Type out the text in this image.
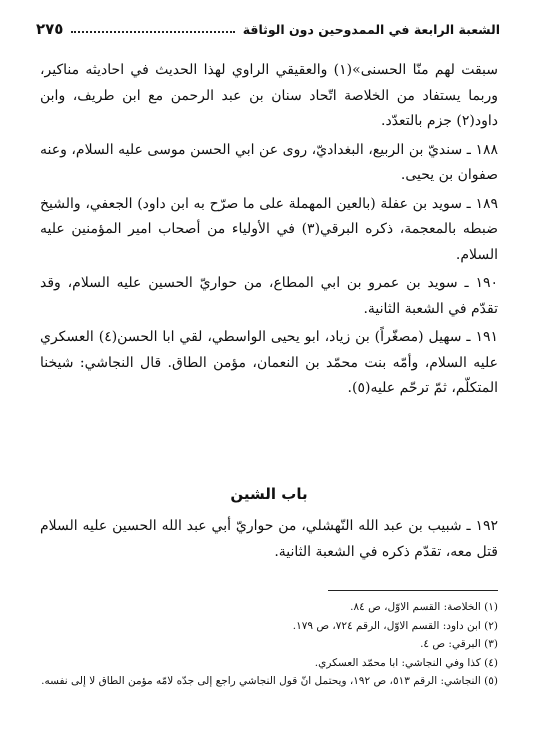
الشعبة الرابعة في الممدوحين دون الوثاقة
٢٧٥

سبقت لهم منّا الحسنى»(١) والعقيقي الراوي لهذا الحديث في احاديثه مناكير، وربما يستفاد من الخلاصة اتّحاد سنان بن عبد الرحمن مع ابن طريف، وابن داود(٢) جزم بالتعدّد.

١٨٨ ـ سنديّ بن الربيع، البغداديّ، روى عن ابي الحسن موسى عليه السلام، وعنه صفوان بن يحيى.

١٨٩ ـ سويد بن عفلة (بالعين المهملة على ما صرّح به ابن داود) الجعفي، والشيخ ضبطه بالمعجمة، ذكره البرقي(٣) في الأولياء من أصحاب امير المؤمنين عليه السلام.

١٩٠ ـ سويد بن عمرو بن ابي المطاع، من حواريّ الحسين عليه السلام، وقد تقدّم في الشعبة الثانية.

١٩١ ـ سهيل (مصغّراً) بن زياد، ابو يحيى الواسطي، لقي ابا الحسن(٤) العسكري عليه السلام، وأمّه بنت محمّد بن النعمان، مؤمن الطاق. قال النجاشي: شيخنا المتكلّم، ثمّ ترحّم عليه(٥).

باب الشين

١٩٢ ـ شبيب بن عبد الله النّهشلي، من حواريّ أبي عبد الله الحسين عليه السلام قتل معه، تقدّم ذكره في الشعبة الثانية.

(١) الخلاصة: القسم الاوّل، ص ٨٤.

(٢) ابن داود: القسم الاوّل، الرقم ٧٢٤، ص ١٧٩.

(٣) البرقي: ص ٤.

(٤) كذا وفي النجاشي: ابا محمّد العسكري.

(٥) النجاشي: الرقم ٥١٣، ص ١٩٢، ويحتمل انّ قول النجاشي راجع إلى جدّه لامّه مؤمن الطاق لا إلى نفسه.
